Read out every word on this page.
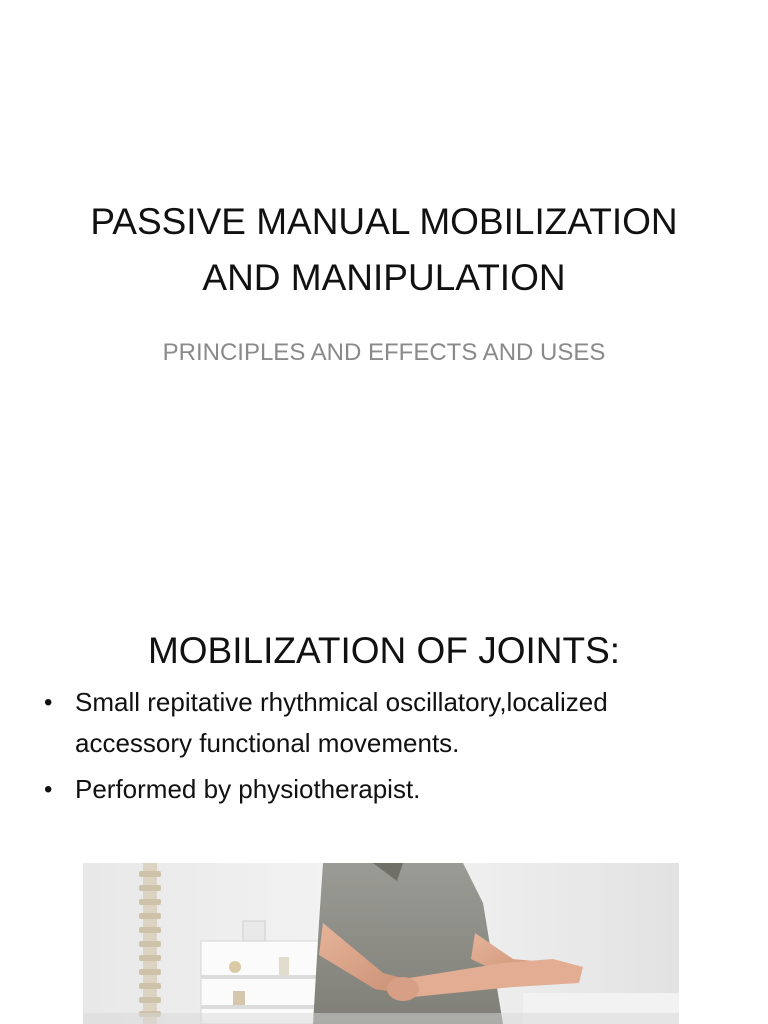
PASSIVE MANUAL MOBILIZATION
AND MANIPULATION
PRINCIPLES AND EFFECTS AND USES
MOBILIZATION OF JOINTS:
• Small repitative rhythmical oscillatory,localized
accessory functional movements.
• Performed by physiotherapist.
